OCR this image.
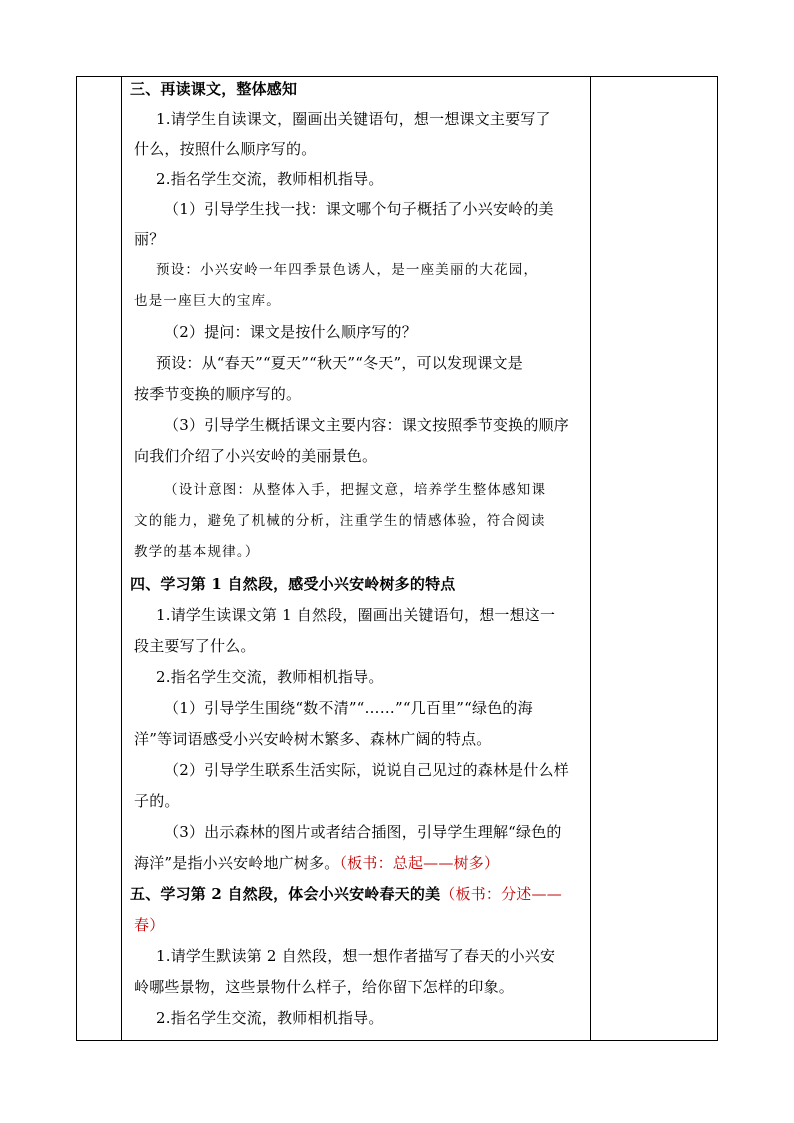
三、再读课文，整体感知
1.请学生自读课文，圈画出关键语句，想一想课文主要写了
什么，按照什么顺序写的。
2.指名学生交流，教师相机指导。
（1）引导学生找一找：课文哪个句子概括了小兴安岭的美
丽？
预设：小兴安岭一年四季景色诱人，是一座美丽的大花园，
也是一座巨大的宝库。
（2）提问：课文是按什么顺序写的？
预设：从“春天”“夏天”“秋天”“冬天”，可以发现课文是
按季节变换的顺序写的。
（3）引导学生概括课文主要内容：课文按照季节变换的顺序
向我们介绍了小兴安岭的美丽景色。
（设计意图：从整体入手，把握文意，培养学生整体感知课
文的能力，避免了机械的分析，注重学生的情感体验，符合阅读
教学的基本规律。）
四、学习第 1 自然段，感受小兴安岭树多的特点
1.请学生读课文第 1 自然段，圈画出关键语句，想一想这一
段主要写了什么。
2.指名学生交流，教师相机指导。
（1）引导学生围绕“数不清”“……”“几百里”“绿色的海
洋”等词语感受小兴安岭树木繁多、森林广阔的特点。
（2）引导学生联系生活实际，说说自己见过的森林是什么样
子的。
（3）出示森林的图片或者结合插图，引导学生理解“绿色的
海洋”是指小兴安岭地广树多。（板书：总起——树多）
五、学习第 2 自然段，体会小兴安岭春天的美（板书：分述——
春）
1.请学生默读第 2 自然段，想一想作者描写了春天的小兴安
岭哪些景物，这些景物什么样子，给你留下怎样的印象。
2.指名学生交流，教师相机指导。
